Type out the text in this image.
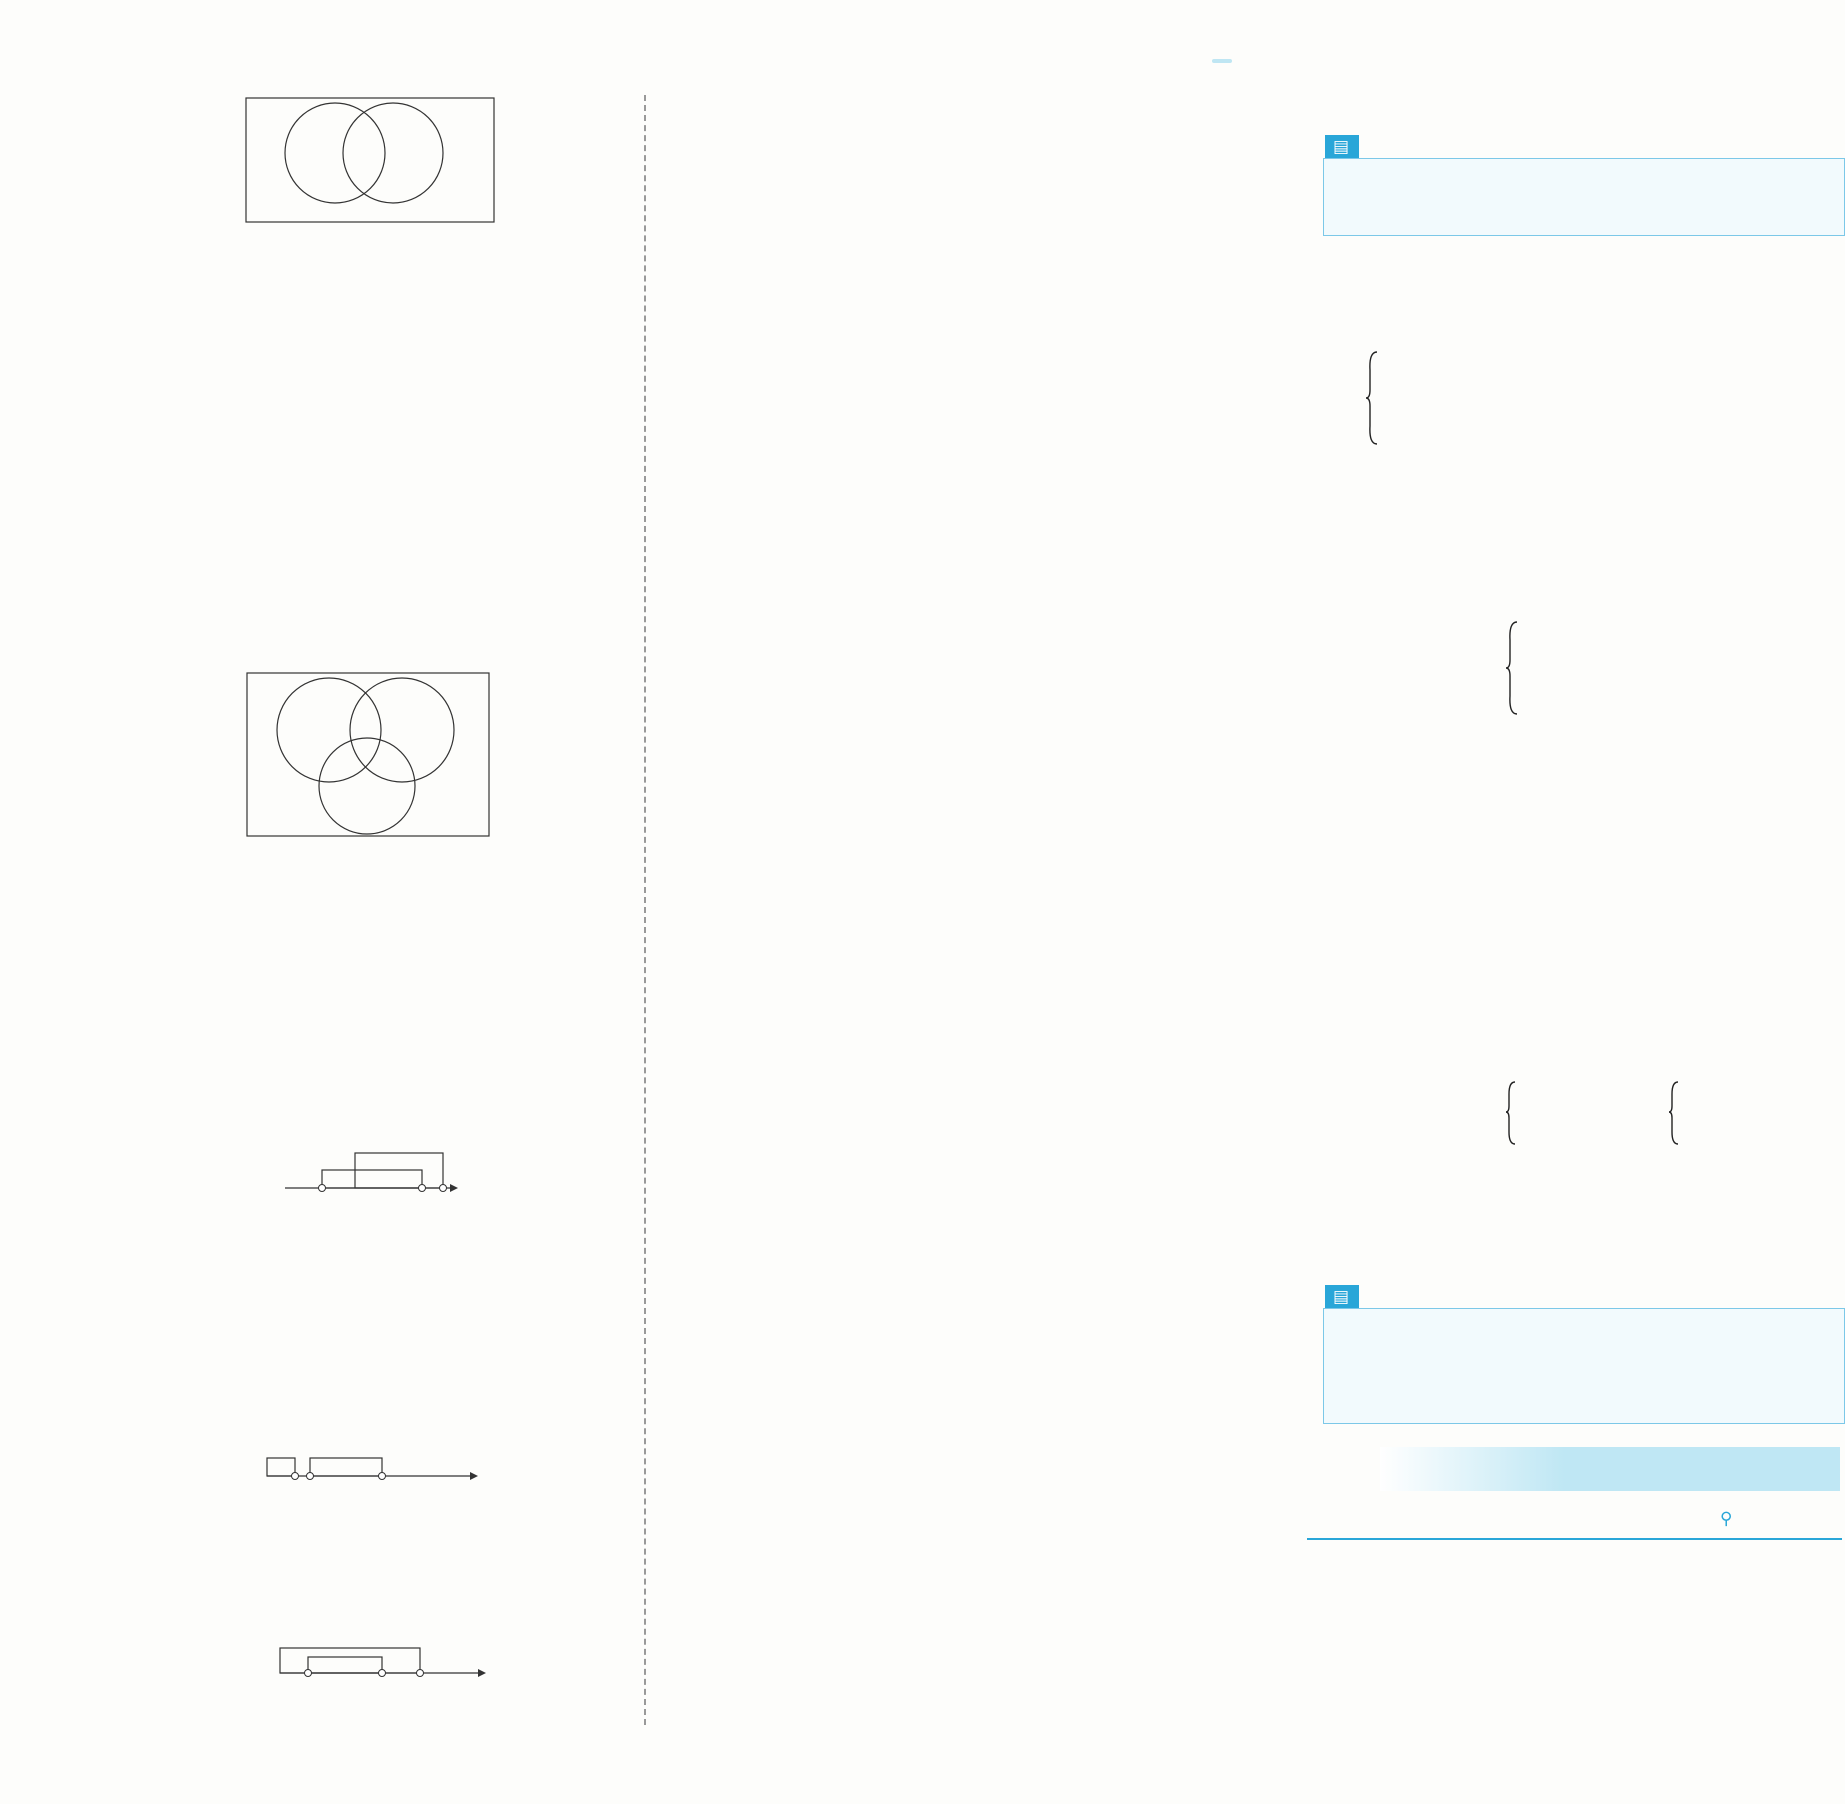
▤
▤
⚲
